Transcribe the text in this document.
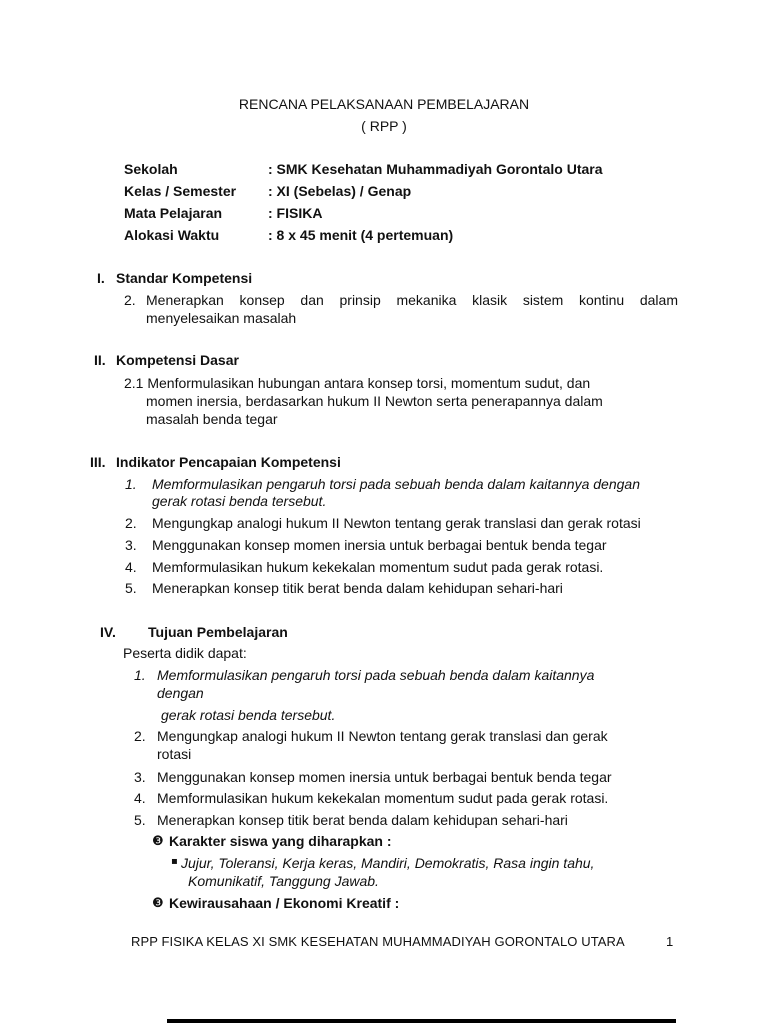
RENCANA PELAKSANAAN PEMBELAJARAN
( RPP )
Sekolah	: SMK Kesehatan Muhammadiyah Gorontalo Utara
Kelas / Semester : XI (Sebelas) / Genap
Mata Pelajaran	: FISIKA
Alokasi Waktu	: 8 x 45 menit (4 pertemuan)
I. Standar Kompetensi
2. Menerapkan konsep dan prinsip mekanika klasik sistem kontinu dalam
menyelesaikan masalah
II. Kompetensi Dasar
2.1 Menformulasikan hubungan antara konsep torsi, momentum sudut, dan
momen inersia, berdasarkan hukum II Newton serta penerapannya dalam
masalah benda tegar
III. Indikator Pencapaian Kompetensi
1. Memformulasikan pengaruh torsi pada sebuah benda dalam kaitannya dengan
gerak rotasi benda tersebut.
2. Mengungkap analogi hukum II Newton tentang gerak translasi dan gerak rotasi
3. Menggunakan konsep momen inersia untuk berbagai bentuk benda tegar
4. Memformulasikan hukum kekekalan momentum sudut pada gerak rotasi.
5. Menerapkan konsep titik berat benda dalam kehidupan sehari-hari
IV. Tujuan Pembelajaran
Peserta didik dapat:
1. Memformulasikan pengaruh torsi pada sebuah benda dalam kaitannya
dengan
gerak rotasi benda tersebut.
2. Mengungkap analogi hukum II Newton tentang gerak translasi dan gerak
rotasi
3. Menggunakan konsep momen inersia untuk berbagai bentuk benda tegar
4. Memformulasikan hukum kekekalan momentum sudut pada gerak rotasi.
5. Menerapkan konsep titik berat benda dalam kehidupan sehari-hari
❸ Karakter siswa yang diharapkan :
▪ Jujur, Toleransi, Kerja keras, Mandiri, Demokratis, Rasa ingin tahu,
Komunikatif, Tanggung Jawab.
❸ Kewirausahaan / Ekonomi Kreatif :
RPP FISIKA KELAS XI SMK KESEHATAN MUHAMMADIYAH GORONTALO UTARA	1
